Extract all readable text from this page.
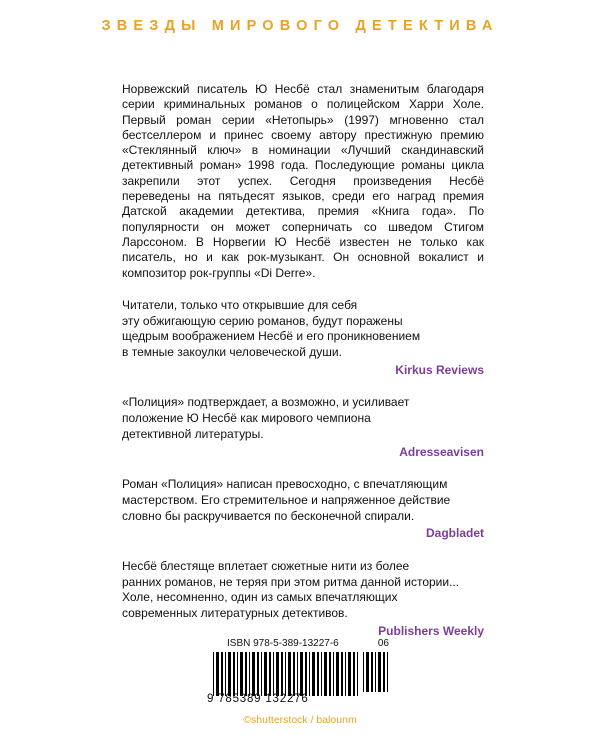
ЗВЕЗДЫ МИРОВОГО ДЕТЕКТИВА

Норвежский писатель Ю Несбё стал знаменитым благодаря серии криминальных романов о полицейском Харри Холе. Первый роман серии «Нетопырь» (1997) мгновенно стал бестселлером и принес своему автору престижную премию «Стеклянный ключ» в номинации «Лучший скандинавский детективный роман» 1998 года. Последующие романы цикла закрепили этот успех. Сегодня произведения Несбё переведены на пятьдесят языков, среди его наград премия Датской академии детектива, премия «Книга года». По популярности он может соперничать со шведом Стигом Ларссоном. В Норвегии Ю Несбё известен не только как писатель, но и как рок-музыкант. Он основной вокалист и композитор рок-группы «Di Derre».

Читатели, только что открывшие для себя
эту обжигающую серию романов, будут поражены
щедрым воображением Несбё и его проникновением
в темные закоулки человеческой души.

Kirkus Reviews

«Полиция» подтверждает, а возможно, и усиливает
положение Ю Несбё как мирового чемпиона
детективной литературы.

Adresseavisen

Роман «Полиция» написан превосходно, с впечатляющим
мастерством. Его стремительное и напряженное действие
словно бы раскручивается по бесконечной спирали.

Dagbladet

Несбё блестяще вплетает сюжетные нити из более
ранних романов, не теряя при этом ритма данной истории...
Холе, несомненно, один из самых впечатляющих
современных литературных детективов.

Publishers Weekly
ISBN 978-5-389-13227-6	06
9 785389 132276
©shutterstock / balounm
